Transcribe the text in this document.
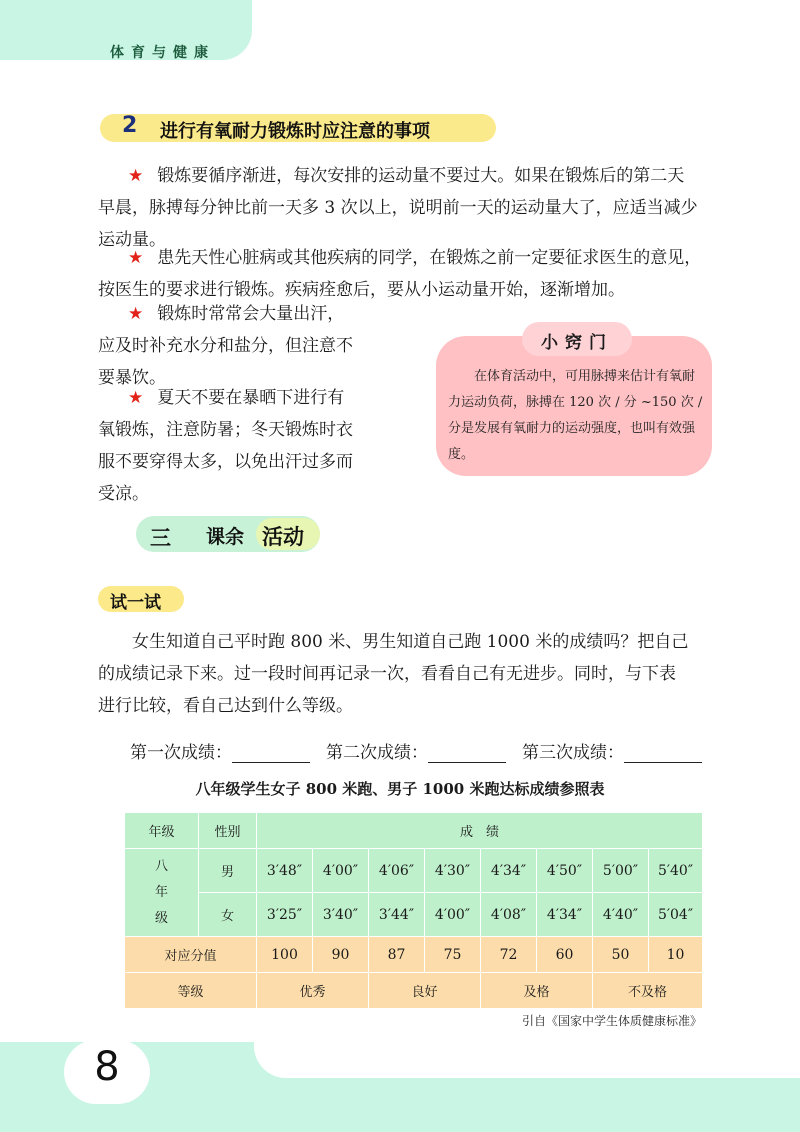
体育与健康
2 进行有氧耐力锻炼时应注意的事项
★ 锻炼要循序渐进，每次安排的运动量不要过大。如果在锻炼后的第二天
早晨，脉搏每分钟比前一天多 3 次以上，说明前一天的运动量大了，应适当减少
运动量。
★ 患先天性心脏病或其他疾病的同学，在锻炼之前一定要征求医生的意见，
按医生的要求进行锻炼。疾病痊愈后，要从小运动量开始，逐渐增加。
★ 锻炼时常常会大量出汗，
应及时补充水分和盐分，但注意不
要暴饮。
★ 夏天不要在暴晒下进行有
氧锻炼，注意防暑；冬天锻炼时衣
服不要穿得太多，以免出汗过多而
受凉。
小窍门
在体育活动中，可用脉搏来估计有氧耐力运动负荷，脉搏在 120 次 / 分 ~150 次 / 分是发展有氧耐力的运动强度，也叫有效强度。
三 课余 活动
试一试
女生知道自己平时跑 800 米、男生知道自己跑 1000 米的成绩吗？把自己
的成绩记录下来。过一段时间再记录一次，看看自己有无进步。同时，与下表
进行比较，看自己达到什么等级。
第一次成绩：	第二次成绩：	第三次成绩：
八年级学生女子 800 米跑、男子 1000 米跑达标成绩参照表
年级	性别	成　绩							

八
年
级	男	3′48″	4′00″	4′06″	4′30″	4′34″	4′50″	5′00″	5′40″
	女	3′25″	3′40″	3′44″	4′00″	4′08″	4′34″	4′40″	5′04″
对应分值		100	90	87	75	72	60	50	10
等级		优秀		良好		及格		不及格	
引自《国家中学生体质健康标准》
8
